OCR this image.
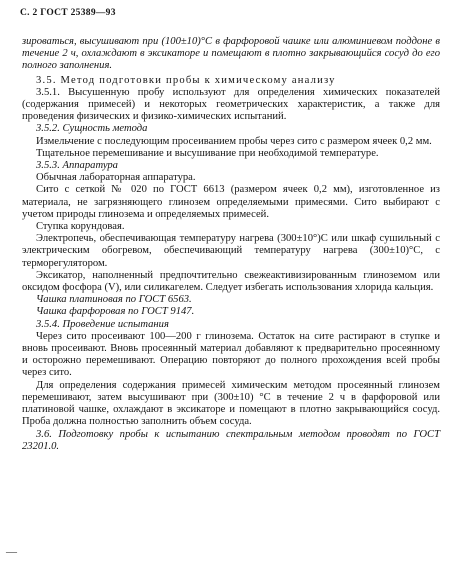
С. 2 ГОСТ 25389—93

зироваться, высушивают при (100±10)°С в фарфоровой чашке или алюминиевом поддоне в течение 2 ч, охлаждают в эксикаторе и помещают в плотно закрывающийся сосуд до его полного заполнения.

3.5. Метод подготовки пробы к химическому анализу

3.5.1. Высушенную пробу используют для определения химических показателей (содержания примесей) и некоторых геометрических характеристик, а также для проведения физических и физико-химических испытаний.

3.5.2. Сущность метода

Измельчение с последующим просеиванием пробы через сито с размером ячеек 0,2 мм.

Тщательное перемешивание и высушивание при необходимой температуре.

3.5.3. Аппаратура

Обычная лабораторная аппаратура.

Сито с сеткой № 020 по ГОСТ 6613 (размером ячеек 0,2 мм), изготовленное из материала, не загрязняющего глинозем определяемыми примесями. Сито выбирают с учетом природы глинозема и определяемых примесей.

Ступка корундовая.

Электропечь, обеспечивающая температуру нагрева (300±10°)С или шкаф сушильный с электрическим обогревом, обеспечивающий температуру нагрева (300±10)°С, с терморегулятором.

Эксикатор, наполненный предпочтительно свежеактивизированным глиноземом или оксидом фосфора (V), или силикагелем. Следует избегать использования хлорида кальция.

Чашка платиновая по ГОСТ 6563.

Чашка фарфоровая по ГОСТ 9147.

3.5.4. Проведение испытания

Через сито просеивают 100—200 г глинозема. Остаток на сите растирают в ступке и вновь просеивают. Вновь просеянный материал добавляют к предварительно просеянному и осторожно перемешивают. Операцию повторяют до полного прохождения всей пробы через сито.

Для определения содержания примесей химическим методом просеянный глинозем перемешивают, затем высушивают при (300±10) °С в течение 2 ч в фарфоровой или платиновой чашке, охлаждают в эксикаторе и помещают в плотно закрывающийся сосуд. Проба должна полностью заполнить объем сосуда.

3.6. Подготовку пробы к испытанию спектральным методом проводят по ГОСТ 23201.0.

—
